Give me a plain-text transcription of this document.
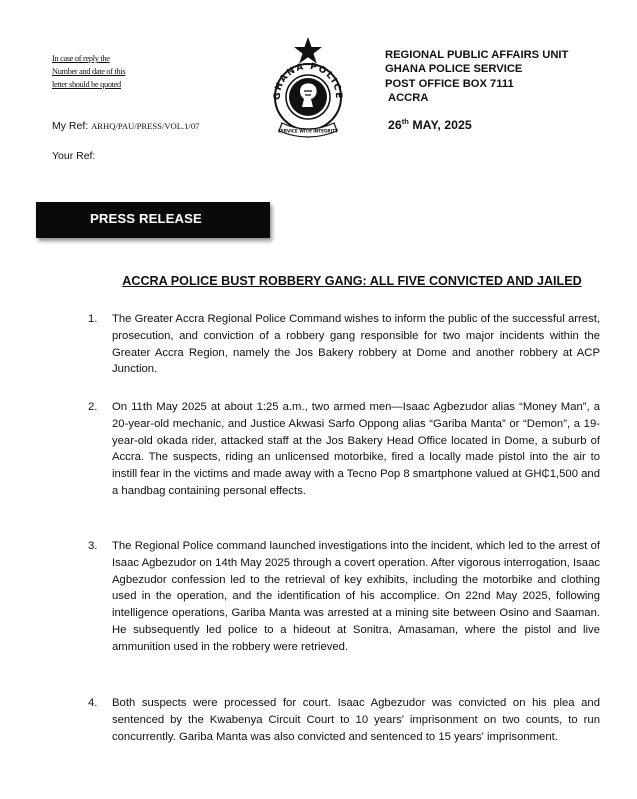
In case of reply the
Number and date of this
letter should be quoted
GHANA POLICE
SERVICE WITH INTEGRITY
REGIONAL PUBLIC AFFAIRS UNIT
GHANA POLICE SERVICE
POST OFFICE BOX 7111
ACCRA
My Ref: ARHQ/PAU/PRESS/VOL.1/07	26th MAY, 2025
Your Ref:
PRESS RELEASE
ACCRA POLICE BUST ROBBERY GANG: ALL FIVE CONVICTED AND JAILED
1. The Greater Accra Regional Police Command wishes to inform the public of the successful arrest, prosecution, and conviction of a robbery gang responsible for two major incidents within the Greater Accra Region, namely the Jos Bakery robbery at Dome and another robbery at ACP Junction.
2. On 11th May 2025 at about 1:25 a.m., two armed men—Isaac Agbezudor alias “Money Man”, a 20-year-old mechanic, and Justice Akwasi Sarfo Oppong alias “Gariba Manta” or “Demon”, a 19-year-old okada rider, attacked staff at the Jos Bakery Head Office located in Dome, a suburb of Accra. The suspects, riding an unlicensed motorbike, fired a locally made pistol into the air to instill fear in the victims and made away with a Tecno Pop 8 smartphone valued at GH₵1,500 and a handbag containing personal effects.
3. The Regional Police command launched investigations into the incident, which led to the arrest of Isaac Agbezudor on 14th May 2025 through a covert operation. After vigorous interrogation, Isaac Agbezudor confession led to the retrieval of key exhibits, including the motorbike and clothing used in the operation, and the identification of his accomplice. On 22nd May 2025, following intelligence operations, Gariba Manta was arrested at a mining site between Osino and Saaman. He subsequently led police to a hideout at Sonitra, Amasaman, where the pistol and live ammunition used in the robbery were retrieved.
4. Both suspects were processed for court. Isaac Agbezudor was convicted on his plea and sentenced by the Kwabenya Circuit Court to 10 years' imprisonment on two counts, to run concurrently. Gariba Manta was also convicted and sentenced to 15 years' imprisonment.
